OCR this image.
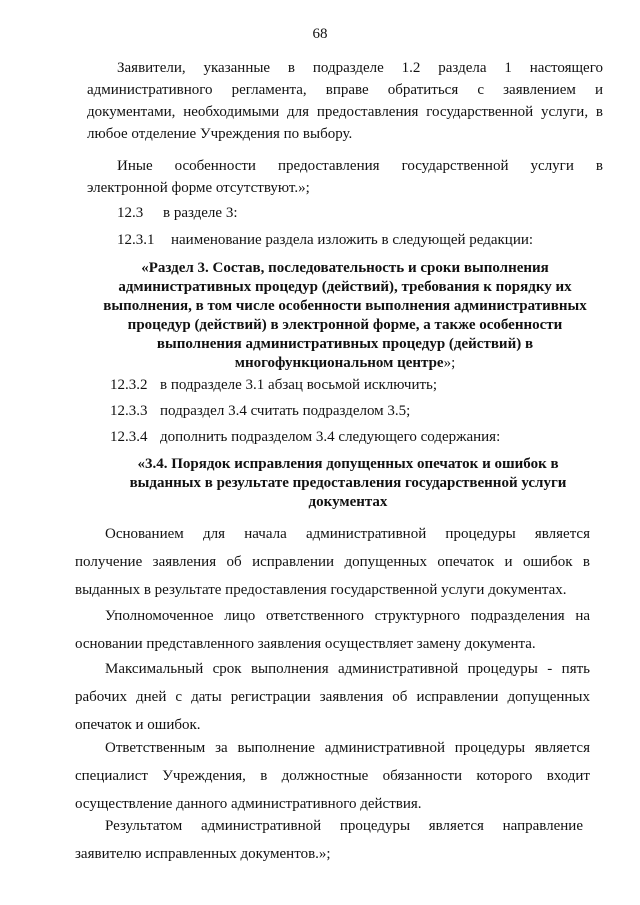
68
Заявители, указанные в подразделе 1.2 раздела 1 настоящего
административного регламента, вправе обратиться с заявлением и
документами, необходимыми для предоставления государственной услуги, в
любое отделение Учреждения по выбору.
Иные особенности предоставления государственной услуги в
электронной форме отсутствуют.»;
12.3 в разделе 3:
12.3.1 наименование раздела изложить в следующей редакции:
«Раздел 3. Состав, последовательность и сроки выполнения
административных процедур (действий), требования к порядку их
выполнения, в том числе особенности выполнения административных
процедур (действий) в электронной форме, а также особенности
выполнения административных процедур (действий) в
многофункциональном центре»;
12.3.2 в подразделе 3.1 абзац восьмой исключить;
12.3.3 подраздел 3.4 считать подразделом 3.5;
12.3.4 дополнить подразделом 3.4 следующего содержания:
«3.4. Порядок исправления допущенных опечаток и ошибок в
выданных в результате предоставления государственной услуги
документах
Основанием для начала административной процедуры является
получение заявления об исправлении допущенных опечаток и ошибок в
выданных в результате предоставления государственной услуги документах.
Уполномоченное лицо ответственного структурного подразделения на
основании представленного заявления осуществляет замену документа.
Максимальный срок выполнения административной процедуры - пять
рабочих дней с даты регистрации заявления об исправлении допущенных
опечаток и ошибок.
Ответственным за выполнение административной процедуры является
специалист Учреждения, в должностные обязанности которого входит
осуществление данного административного действия.
Результатом административной процедуры является направление
заявителю исправленных документов.»;
